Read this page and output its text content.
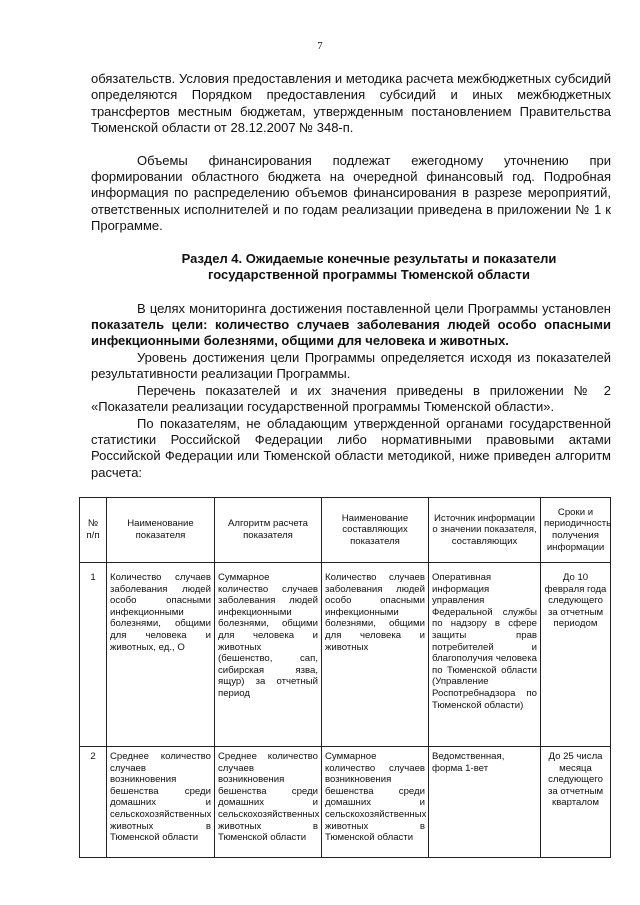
7

обязательств. Условия предоставления и методика расчета межбюджетных субсидий определяются Порядком предоставления субсидий и иных межбюджетных трансфертов местным бюджетам, утвержденным постановлением Правительства Тюменской области от 28.12.2007 № 348-п.

Объемы финансирования подлежат ежегодному уточнению при формировании областного бюджета на очередной финансовый год. Подробная информация по распределению объемов финансирования в разрезе мероприятий, ответственных исполнителей и по годам реализации приведена в приложении № 1 к Программе.

Раздел 4. Ожидаемые конечные результаты и показатели
государственной программы Тюменской области

В целях мониторинга достижения поставленной цели Программы установлен показатель цели: количество случаев заболевания людей особо опасными инфекционными болезнями, общими для человека и животных.

Уровень достижения цели Программы определяется исходя из показателей результативности реализации Программы.

Перечень показателей и их значения приведены в приложении № 2 «Показатели реализации государственной программы Тюменской области».

По показателям, не обладающим утвержденной органами государственной статистики Российской Федерации либо нормативными правовыми актами Российской Федерации или Тюменской области методикой, ниже приведен алгоритм расчета:

№ п/п	Наименование показателя	Алгоритм расчета показателя	Наименование составляющих показателя	Источник информации о значении показателя, составляющих	Сроки и периодичность получения информации
1	Количество случаев заболевания людей особо опасными инфекционными болезнями, общими для человека и животных, ед., О	Суммарное количество случаев заболевания людей инфекционными болезнями, общими для человека и животных (бешенство, сап, сибирская язва, ящур) за отчетный период	Количество случаев заболевания людей особо опасными инфекционными болезнями, общими для человека и животных	Оперативная информация управления Федеральной службы по надзору в сфере защиты прав потребителей и благополучия человека по Тюменской области (Управление Роспотребнадзора по Тюменской области)	До 10 февраля года следующего за отчетным периодом
2	Среднее количество случаев возникновения бешенства среди домашних и сельскохозяйственных животных в Тюменской области	Среднее количество случаев возникновения бешенства среди домашних и сельскохозяйственных животных в Тюменской области	Суммарное количество случаев возникновения бешенства среди домашних и сельскохозяйственных животных в Тюменской области	Ведомственная, форма 1-вет	До 25 числа месяца следующего за отчетным кварталом
